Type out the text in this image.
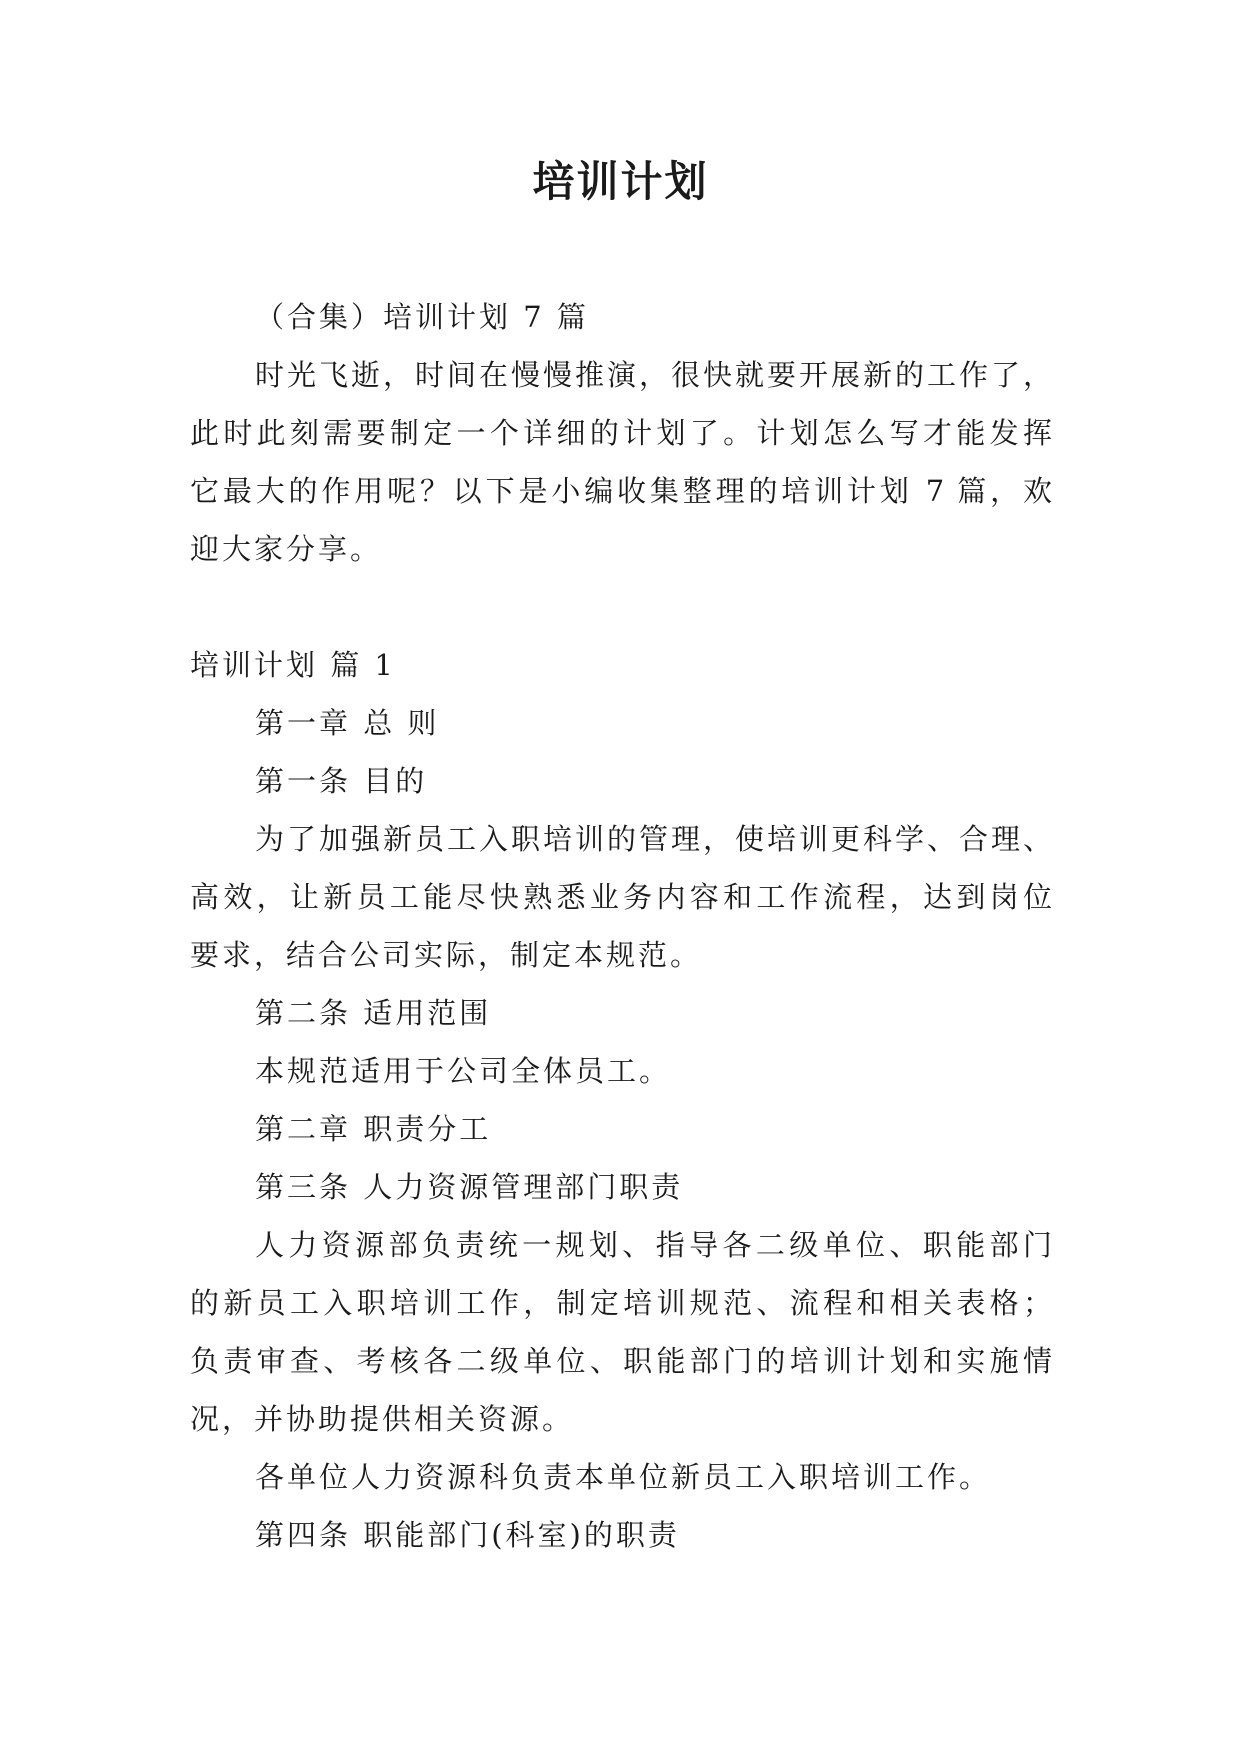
培训计划
（合集）培训计划 7 篇
时光飞逝，时间在慢慢推演，很快就要开展新的工作了，
此时此刻需要制定一个详细的计划了。计划怎么写才能发挥
它最大的作用呢？以下是小编收集整理的培训计划 7 篇，欢
迎大家分享。
培训计划 篇 1
第一章 总 则
第一条 目的
为了加强新员工入职培训的管理，使培训更科学、合理、
高效，让新员工能尽快熟悉业务内容和工作流程，达到岗位
要求，结合公司实际，制定本规范。
第二条 适用范围
本规范适用于公司全体员工。
第二章 职责分工
第三条 人力资源管理部门职责
人力资源部负责统一规划、指导各二级单位、职能部门
的新员工入职培训工作，制定培训规范、流程和相关表格；
负责审查、考核各二级单位、职能部门的培训计划和实施情
况，并协助提供相关资源。
各单位人力资源科负责本单位新员工入职培训工作。
第四条 职能部门(科室)的职责
